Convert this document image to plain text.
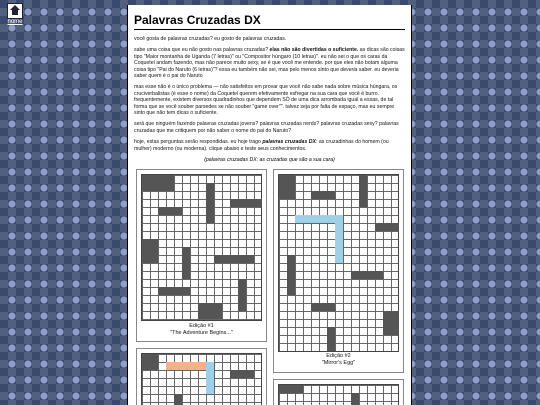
home	Palavras Cruzadas DX

você gosta de palavras cruzadas? eu gosto de palavras cruzadas.

sabe uma coisa que eu não gosto nas palavras cruzadas? elas não são divertidas o suficiente. as dicas são coisas tipo "Maior montanha de Uganda (7 letras)" ou "Compositor húngaro (10 letras)". eu não sei o que os caras da Coquetel andam fazendo, mas não parece muito sexy, se é que você me entende. por que eles não botam alguma coisa tipo "Pai do Naruto (6 letras)"? essa eu também não sei, mas pelo menos sinto que deveria saber. eu deveria saber quem é o pai do Naruto

mas esse não é o único problema — não satisfeitos em provar que você não sabe nada sobre música húngara, os cruciverbalistas (é esse o nome) da Coquetel querem efetivamente esfregar na sua cara que você é burro. frequentemente, existem diversos quadradinhos que dependem SÓ de uma dica arrombada igual a essas, de tal forma que se você souber parsedes se não souber "game over"". talvez seja por falta de espaço, mas eu sempre sinto que não tem dicas o suficiente.

será que ninguém fazendo palavras cruzadas jovens? palavras cruzadas nerds? palavras cruzadas sexy? palavras cruzadas que me critiquem por não saber o nome do pai do Naruto?

hoje, estas perguntas serão respondidas. eu hoje trago palavras cruzadas DX: as cruzadinhas do homem (ou mulher) moderno (ou moderna). clique abaixo e teste seus conhecimentos.

(palavras cruzadas DX: as cruzadas que são a sua cara)
Edição #1
"The Adventure Begins..."
Edição #2
"Mirror's Egg"
